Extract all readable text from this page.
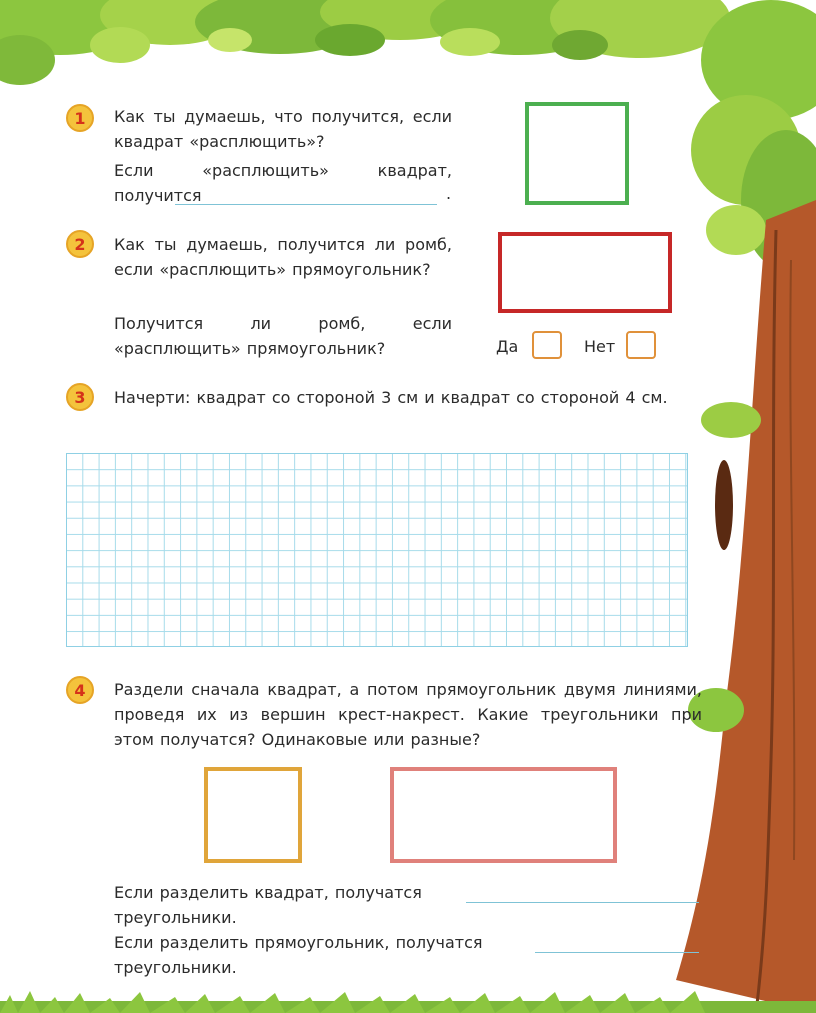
1	Как ты думаешь, что получится, если квадрат «расплющить»?
Если «расплющить» квадрат, получится	.
2	Как ты думаешь, получится ли ромб, если «расплющить» прямоугольник?
Получится ли ромб, если «расплющить» прямоугольник?	Да	Нет
3	Начерти: квадрат со стороной 3 см и квадрат со стороной 4 см.
4	Раздели сначала квадрат, а потом прямоугольник двумя линиями, проведя их из вершин крест-накрест. Какие треугольники при этом получатся? Одинаковые или разные?
Если разделить квадрат, получатся
треугольники.
Если разделить прямоугольник, получатся
треугольники.
